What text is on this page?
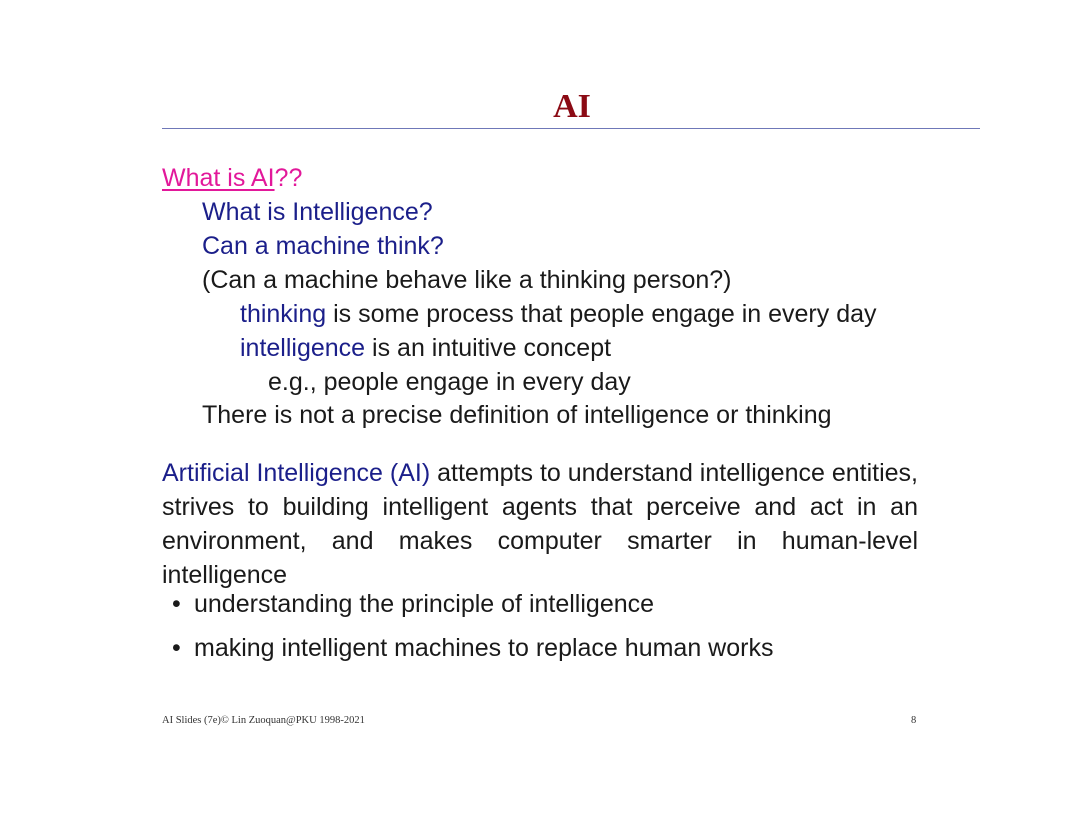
AI
What is AI??
What is Intelligence?
Can a machine think?
(Can a machine behave like a thinking person?)
thinking is some process that people engage in every day
intelligence is an intuitive concept
e.g., people engage in every day
There is not a precise definition of intelligence or thinking
Artificial Intelligence (AI) attempts to understand intelligence entities, strives to building intelligent agents that perceive and act in an environment, and makes computer smarter in human-level intelligence
• understanding the principle of intelligence
• making intelligent machines to replace human works
AI Slides (7e)© Lin Zuoquan@PKU 1998-2021	8
